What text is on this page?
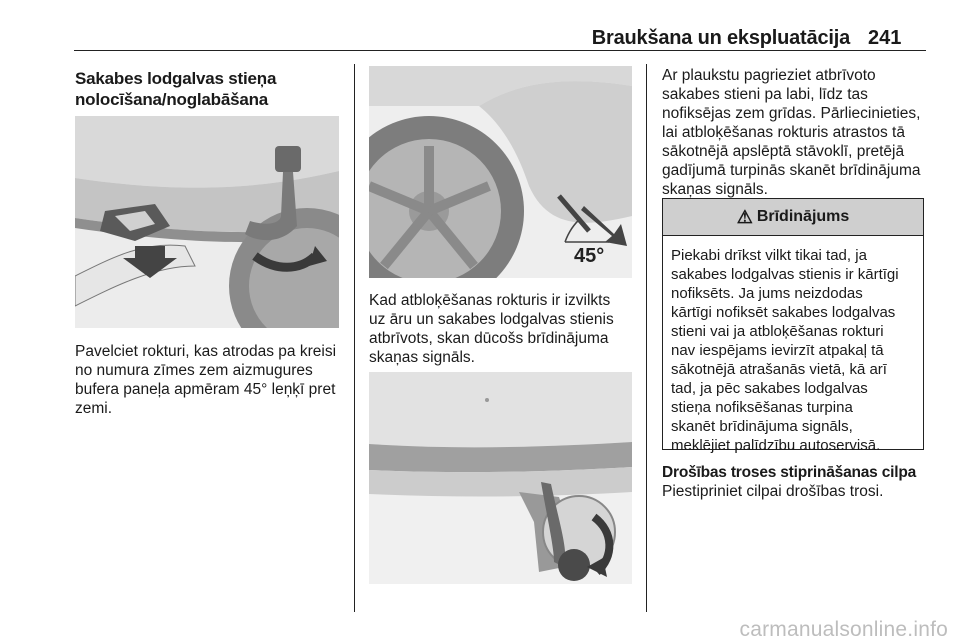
Braukšana un ekspluatācija 241
Sakabes lodgalvas stieņa
nolocīšana/noglabāšana
Pavelciet rokturi, kas atrodas pa kreisi
no numura zīmes zem aizmugures
bufera paneļa apmēram 45° leņķī pret
zemi.
45°
Kad atbloķēšanas rokturis ir izvilkts
uz āru un sakabes lodgalvas stienis
atbrīvots, skan dūcošs brīdinājuma
skaņas signāls.
Ar plaukstu pagrieziet atbrīvoto
sakabes stieni pa labi, līdz tas
nofiksējas zem grīdas. Pārliecinieties,
lai atbloķēšanas rokturis atrastos tā
sākotnējā apslēptā stāvoklī, pretējā
gadījumā turpinās skanēt brīdinājuma
skaņas signāls.
⚠ Brīdinājums
Piekabi drīkst vilkt tikai tad, ja
sakabes lodgalvas stienis ir kārtīgi
nofiksēts. Ja jums neizdodas
kārtīgi nofiksēt sakabes lodgalvas
stieni vai ja atbloķēšanas rokturi
nav iespējams ievirzīt atpakaļ tā
sākotnējā atrašanās vietā, kā arī
tad, ja pēc sakabes lodgalvas
stieņa nofiksēšanas turpina
skanēt brīdinājuma signāls,
meklējiet palīdzību autoservisā.
Drošības troses stiprināšanas cilpa
Piestipriniet cilpai drošības trosi.
carmanualsonline.info
